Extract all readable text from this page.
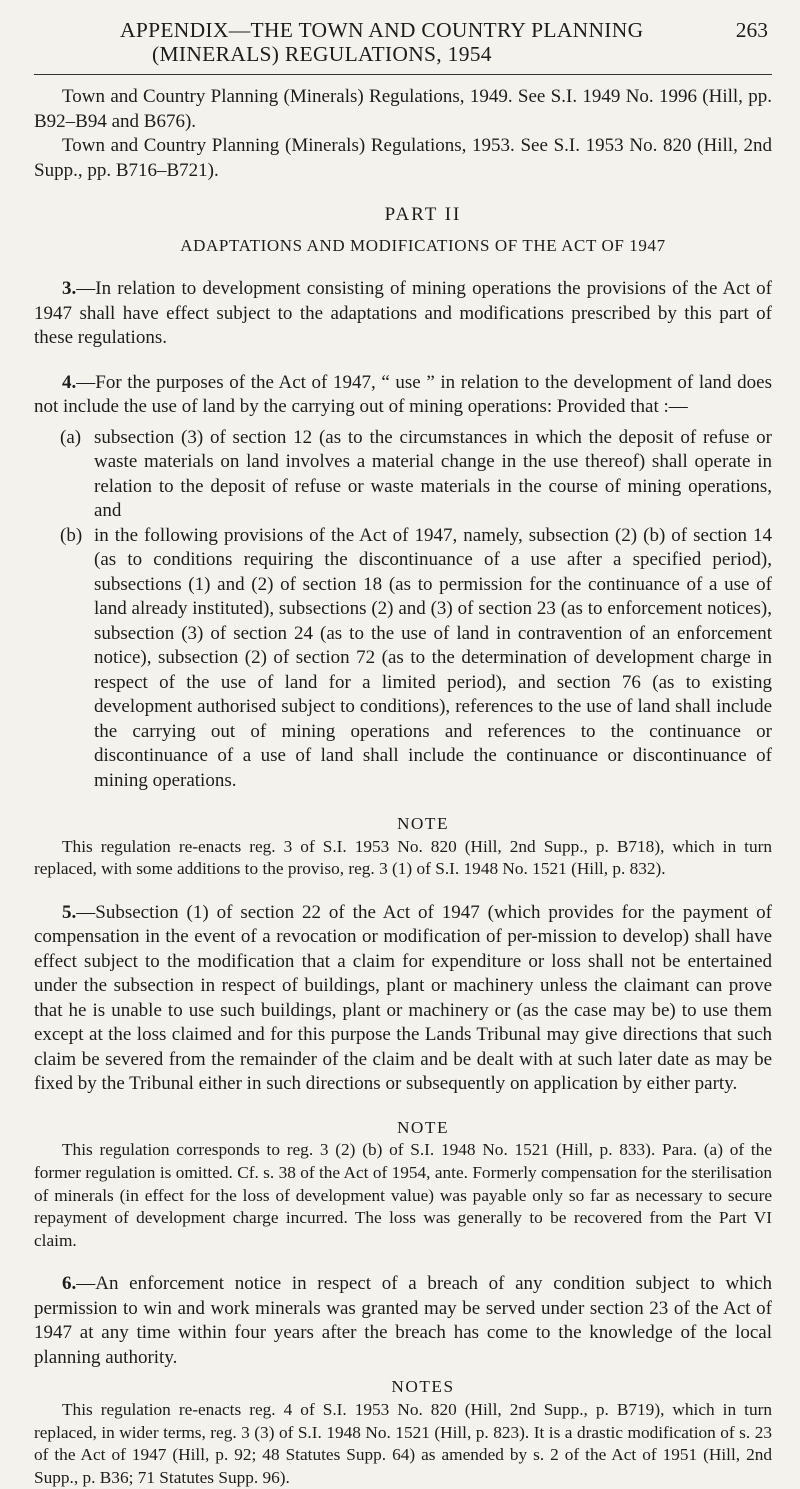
APPENDIX—THE TOWN AND COUNTRY PLANNING	263
(MINERALS) REGULATIONS, 1954

Town and Country Planning (Minerals) Regulations, 1949. See S.I. 1949 No. 1996 (Hill, pp. B92–B94 and B676).

Town and Country Planning (Minerals) Regulations, 1953. See S.I. 1953 No. 820 (Hill, 2nd Supp., pp. B716–B721).

PART II

ADAPTATIONS AND MODIFICATIONS OF THE ACT OF 1947

3.—In relation to development consisting of mining operations the provisions of the Act of 1947 shall have effect subject to the adaptations and modifications prescribed by this part of these regulations.

4.—For the purposes of the Act of 1947, “ use ” in relation to the development of land does not include the use of land by the carrying out of mining operations: Provided that :—

(a) subsection (3) of section 12 (as to the circumstances in which the deposit of refuse or waste materials on land involves a material change in the use thereof) shall operate in relation to the deposit of refuse or waste materials in the course of mining operations, and

(b) in the following provisions of the Act of 1947, namely, subsection (2) (b) of section 14 (as to conditions requiring the discontinuance of a use after a specified period), subsections (1) and (2) of section 18 (as to permission for the continuance of a use of land already instituted), subsections (2) and (3) of section 23 (as to enforcement notices), subsection (3) of section 24 (as to the use of land in contravention of an enforcement notice), subsection (2) of section 72 (as to the determination of development charge in respect of the use of land for a limited period), and section 76 (as to existing development authorised subject to conditions), references to the use of land shall include the carrying out of mining operations and references to the continuance or discontinuance of a use of land shall include the continuance or discontinuance of mining operations.

NOTE

This regulation re-enacts reg. 3 of S.I. 1953 No. 820 (Hill, 2nd Supp., p. B718), which in turn replaced, with some additions to the proviso, reg. 3 (1) of S.I. 1948 No. 1521 (Hill, p. 832).

5.—Subsection (1) of section 22 of the Act of 1947 (which provides for the payment of compensation in the event of a revocation or modification of per-mission to develop) shall have effect subject to the modification that a claim for expenditure or loss shall not be entertained under the subsection in respect of buildings, plant or machinery unless the claimant can prove that he is unable to use such buildings, plant or machinery or (as the case may be) to use them except at the loss claimed and for this purpose the Lands Tribunal may give directions that such claim be severed from the remainder of the claim and be dealt with at such later date as may be fixed by the Tribunal either in such directions or subsequently on application by either party.

NOTE

This regulation corresponds to reg. 3 (2) (b) of S.I. 1948 No. 1521 (Hill, p. 833). Para. (a) of the former regulation is omitted. Cf. s. 38 of the Act of 1954, ante. Formerly compensation for the sterilisation of minerals (in effect for the loss of development value) was payable only so far as necessary to secure repayment of development charge incurred. The loss was generally to be recovered from the Part VI claim.

6.—An enforcement notice in respect of a breach of any condition subject to which permission to win and work minerals was granted may be served under section 23 of the Act of 1947 at any time within four years after the breach has come to the knowledge of the local planning authority.

NOTES

This regulation re-enacts reg. 4 of S.I. 1953 No. 820 (Hill, 2nd Supp., p. B719), which in turn replaced, in wider terms, reg. 3 (3) of S.I. 1948 No. 1521 (Hill, p. 823). It is a drastic modification of s. 23 of the Act of 1947 (Hill, p. 92; 48 Statutes Supp. 64) as amended by s. 2 of the Act of 1951 (Hill, 2nd Supp., p. B36; 71 Statutes Supp. 96).
